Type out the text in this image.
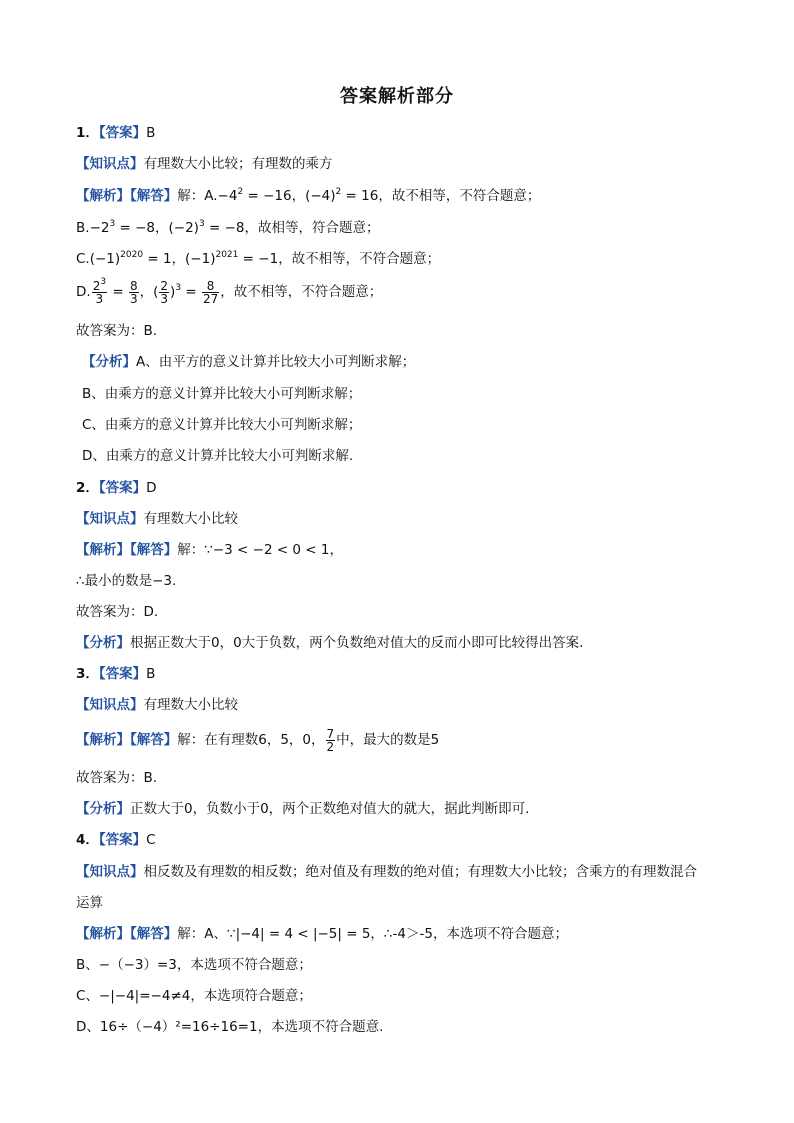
答案解析部分
1．【答案】B
【知识点】有理数大小比较；有理数的乘方
【解析】【解答】解：$A.-4^2 = -16$，$(-4)^2 = 16$，故不相等，不符合题意；
$B.-2^3 = -8$，$(-2)^3 = -8$，故相等，符合题意；
$C.(-1)^{2020} = 1$，$(-1)^{2021} = -1$，故不相等，不符合题意；
D. $\frac{2^3}{3} = \frac{8}{3}$ ，( $\frac{2}{3} )^3 = \frac{8}{27}$ ，故不相等，不符合题意；
故答案为：B.
【分析】A、由平方的意义计算并比较大小可判断求解；
B、由乘方的意义计算并比较大小可判断求解；
C、由乘方的意义计算并比较大小可判断求解；
D、由乘方的意义计算并比较大小可判断求解.
2．【答案】D
【知识点】有理数大小比较
【解析】【解答】解：∵−3 < −2 < 0 < 1，
∴最小的数是−3.
故答案为：D.
【分析】根据正数大于0，0大于负数，两个负数绝对值大的反而小即可比较得出答案.
3．【答案】B
【知识点】有理数大小比较
【解析】【解答】解：在有理数6，5，0， $\frac{7}{2}$ 中，最大的数是5
故答案为：B.
【分析】正数大于0，负数小于0，两个正数绝对值大的就大，据此判断即可.
4．【答案】C
【知识点】相反数及有理数的相反数；绝对值及有理数的绝对值；有理数大小比较；含乘方的有理数混合
运算
【解析】【解答】解：A、∵|−4| = 4 < |−5| = 5，∴-4＞-5，本选项不符合题意；
B、−（−3）=3，本选项不符合题意；
C、−|−4|=−4≠4，本选项符合题意；
D、16÷（−4）²=16÷16=1，本选项不符合题意.
